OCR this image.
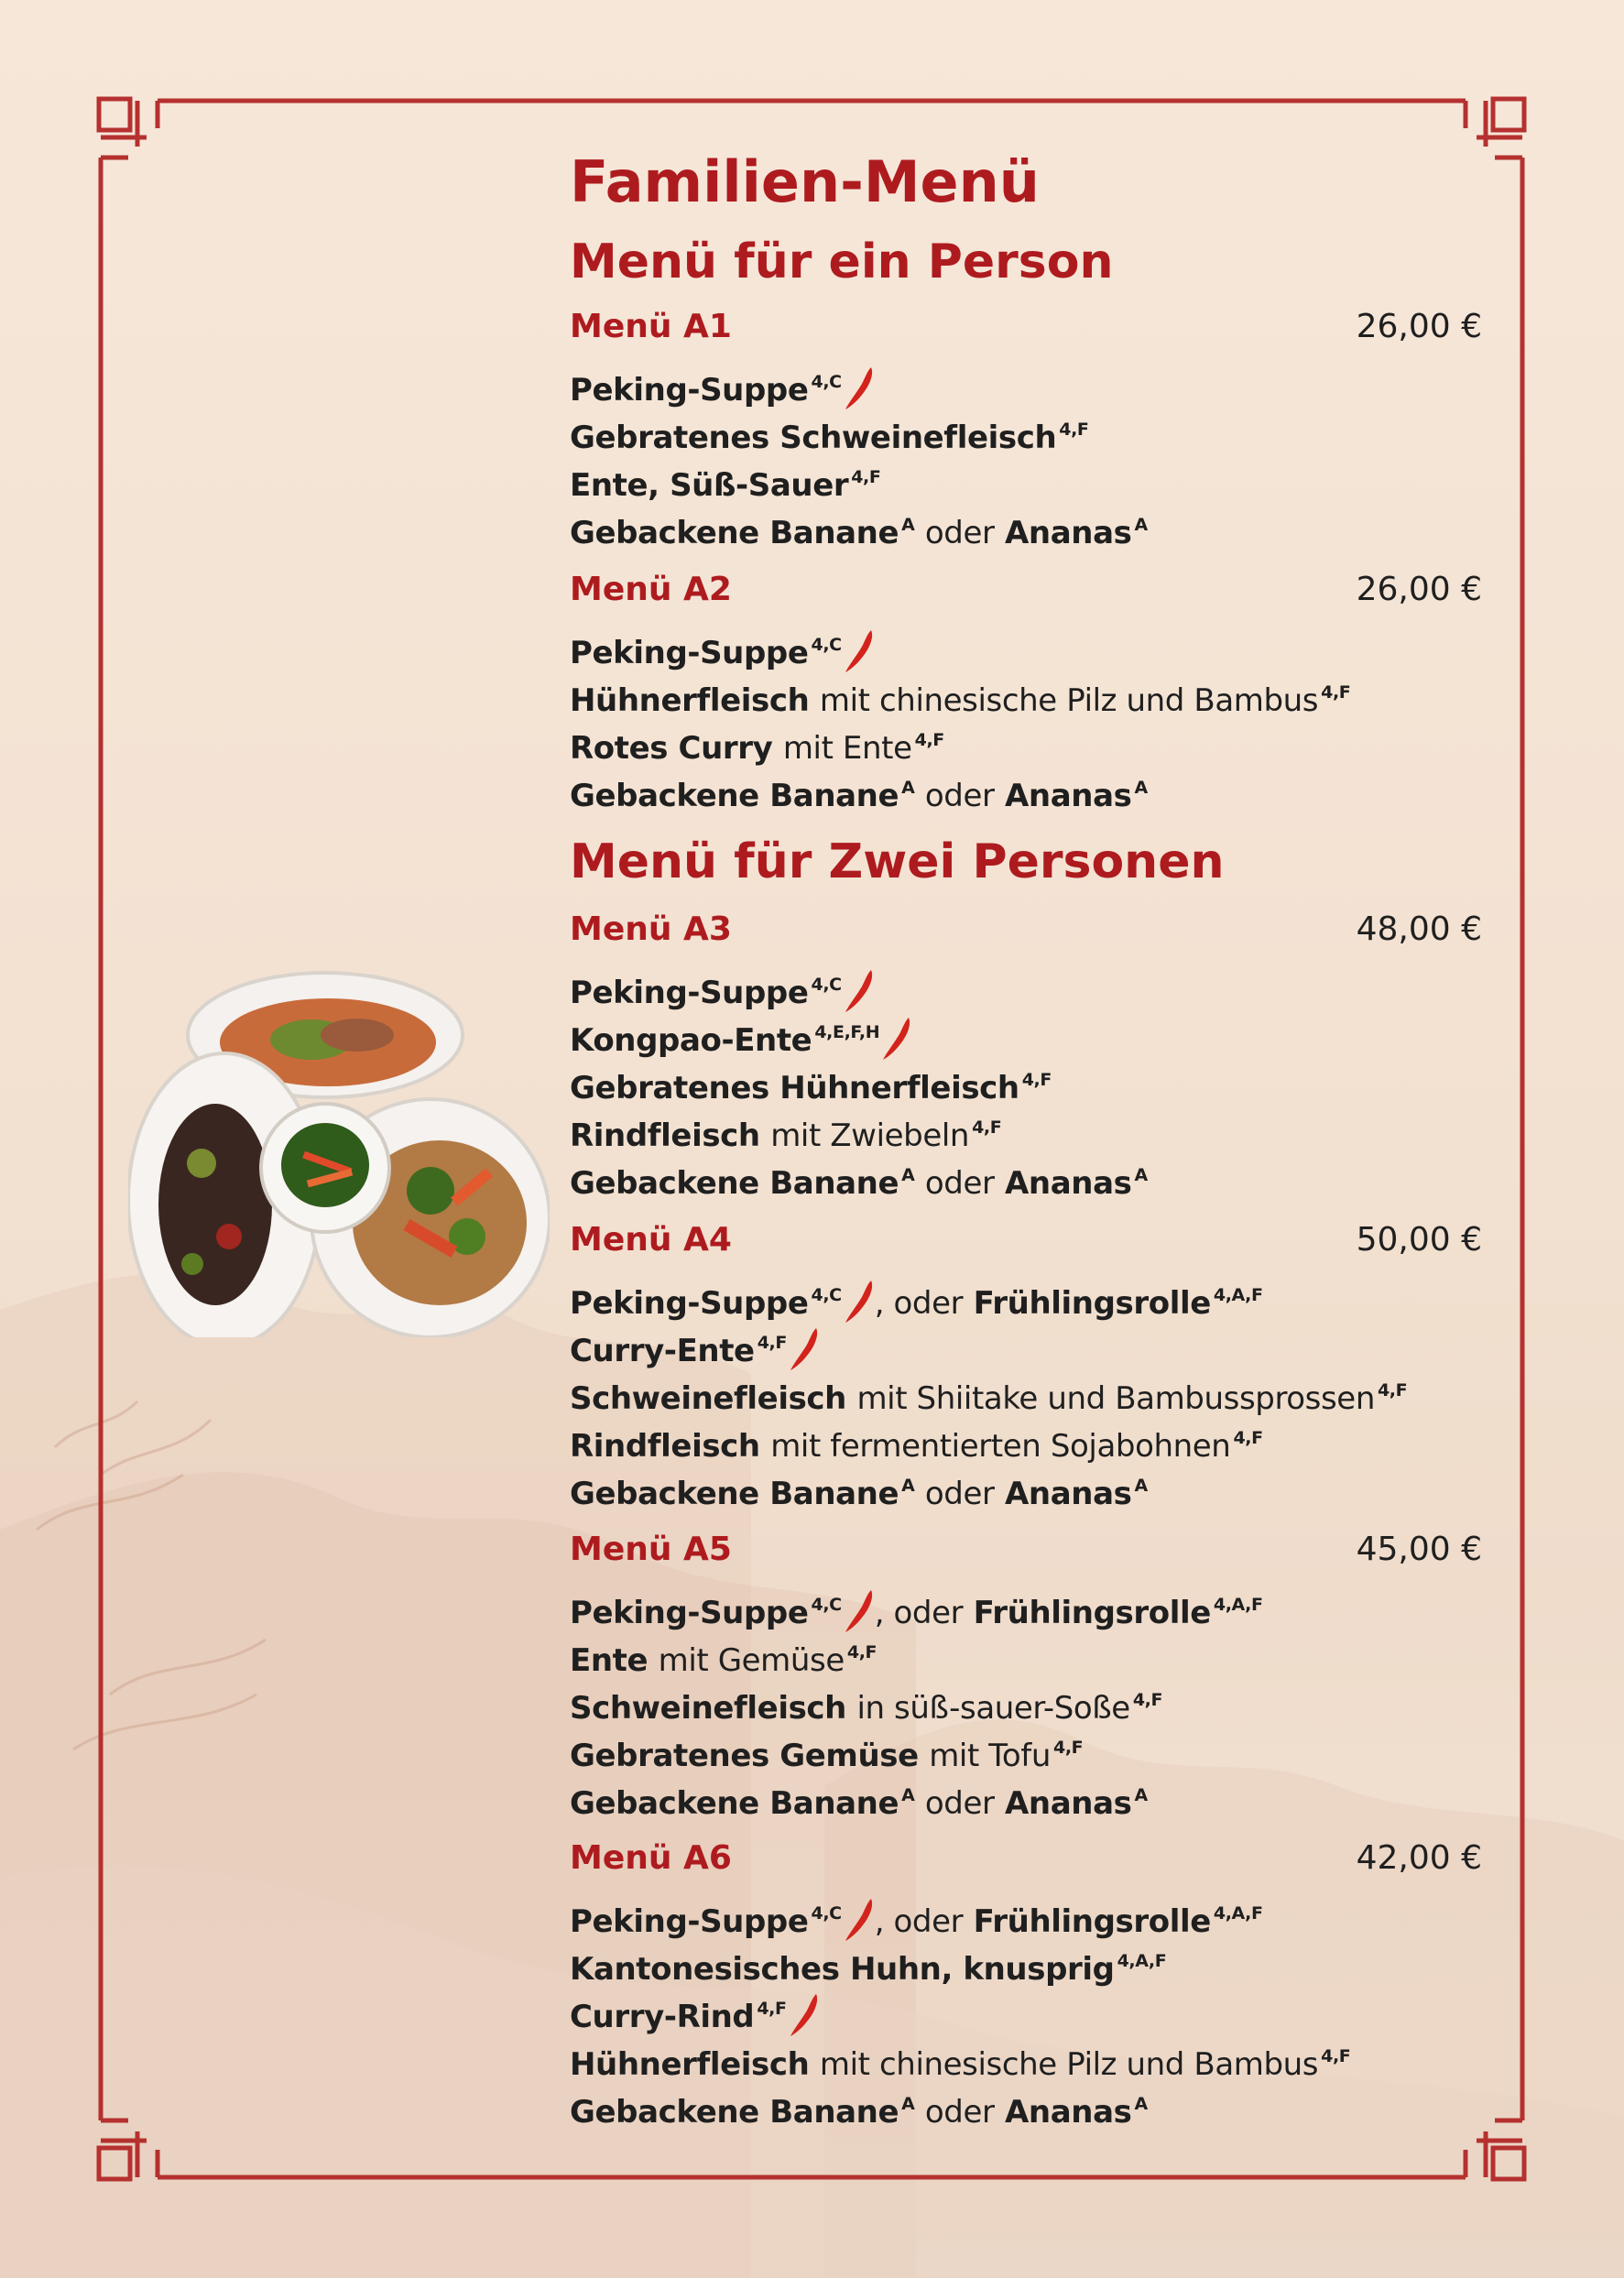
Familien-Menü
Menü für ein Person
Menü A1	26,00 €
Peking-Suppe $^{4,C}$
Gebratenes Schweinefleisch $^{4,F}$
Ente, Süß-Sauer $^{4,F}$
Gebackene Banane $^A$ oder Ananas $^A$
Menü A2	26,00 €
Peking-Suppe $^{4,C}$
Hühnerfleisch mit chinesische Pilz und Bambus $^{4,F}$
Rotes Curry mit Ente $^{4,F}$
Gebackene Banane $^A$ oder Ananas $^A$
Menü für Zwei Personen
Menü A3	48,00 €
Peking-Suppe $^{4,C}$
Kongpao-Ente $^{4,E,F,H}$
Gebratenes Hühnerfleisch $^{4,F}$
Rindfleisch mit Zwiebeln $^{4,F}$
Gebackene Banane $^A$ oder Ananas $^A$
Menü A4	50,00 €
Peking-Suppe $^{4,C}$ , oder Frühlingsrolle $^{4,A,F}$
Curry-Ente $^{4,F}$
Schweinefleisch mit Shiitake und Bambussprossen $^{4,F}$
Rindfleisch mit fermentierten Sojabohnen $^{4,F}$
Gebackene Banane $^A$ oder Ananas $^A$
Menü A5	45,00 €
Peking-Suppe $^{4,C}$ , oder Frühlingsrolle $^{4,A,F}$
Ente mit Gemüse $^{4,F}$
Schweinefleisch in süß-sauer-Soße $^{4,F}$
Gebratenes Gemüse mit Tofu $^{4,F}$
Gebackene Banane $^A$ oder Ananas $^A$
Menü A6	42,00 €
Peking-Suppe $^{4,C}$ , oder Frühlingsrolle $^{4,A,F}$
Kantonesisches Huhn, knusprig $^{4,A,F}$
Curry-Rind $^{4,F}$
Hühnerfleisch mit chinesische Pilz und Bambus $^{4,F}$
Gebackene Banane $^A$ oder Ananas $^A$
